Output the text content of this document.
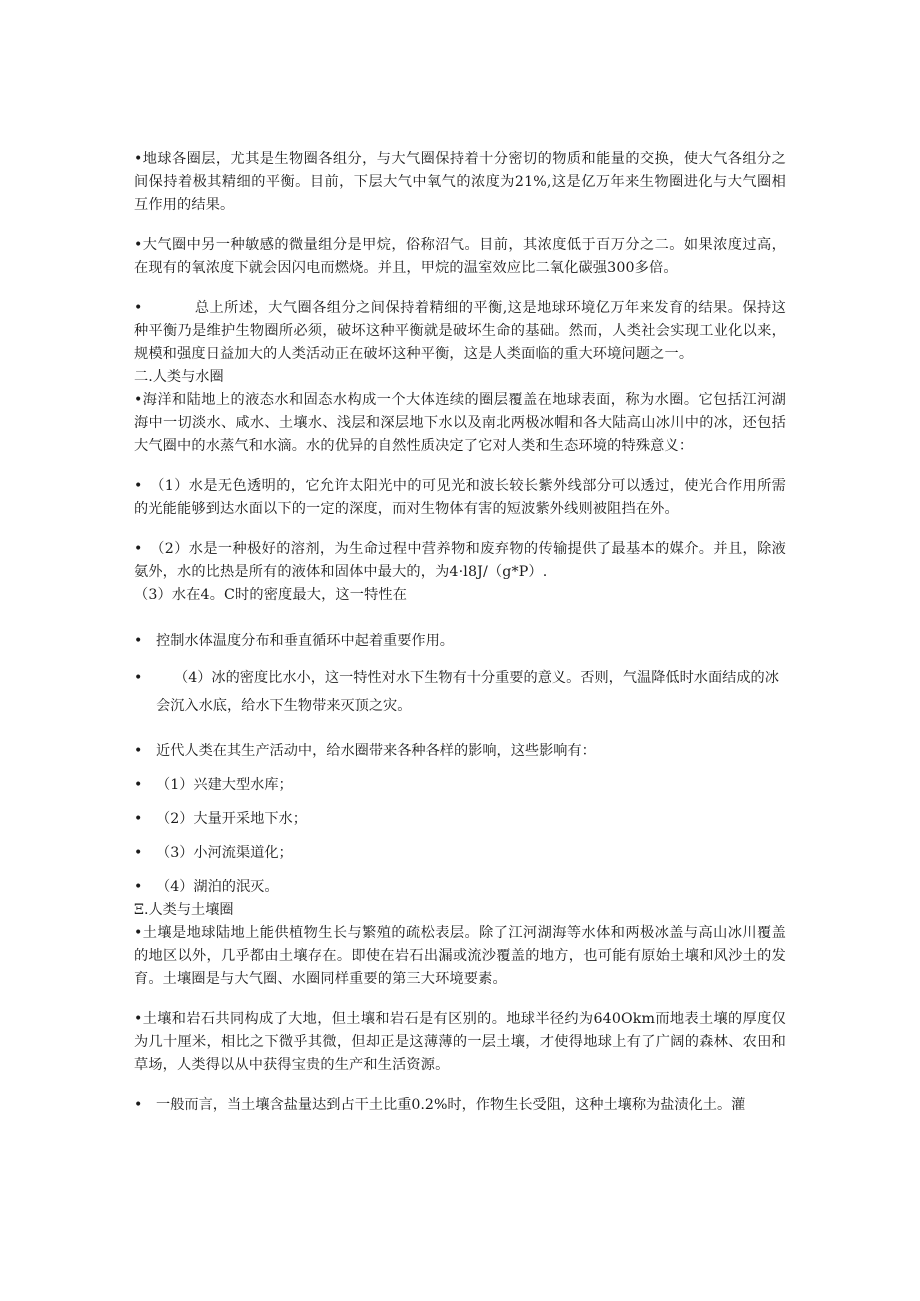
•地球各圈层，尤其是生物圈各组分，与大气圈保持着十分密切的物质和能量的交换，使大气各组分之间保持着极其精细的平衡。目前，下层大气中氧气的浓度为21%,这是亿万年来生物圈进化与大气圈相互作用的结果。

•大气圈中另一种敏感的微量组分是甲烷，俗称沼气。目前，其浓度低于百万分之二。如果浓度过高，在现有的氧浓度下就会因闪电而燃烧。并且，甲烷的温室效应比二氧化碳强300多倍。

•	总上所述，大气圈各组分之间保持着精细的平衡,这是地球环境亿万年来发育的结果。保持这种平衡乃是维护生物圈所必须，破坏这种平衡就是破坏生命的基础。然而，人类社会实现工业化以来，规模和强度日益加大的人类活动正在破坏这种平衡，这是人类面临的重大环境问题之一。

二.人类与水圈

•海洋和陆地上的液态水和固态水构成一个大体连续的圈层覆盖在地球表面，称为水圈。它包括江河湖海中一切淡水、咸水、土壤水、浅层和深层地下水以及南北两极冰帽和各大陆高山冰川中的冰，还包括大气圈中的水蒸气和水滴。水的优异的自然性质决定了它对人类和生态环境的特殊意义：

•　（1）水是无色透明的，它允许太阳光中的可见光和波长较长紫外线部分可以透过，使光合作用所需的光能能够到达水面以下的一定的深度，而对生物体有害的短波紫外线则被阻挡在外。

•　（2）水是一种极好的溶剂，为生命过程中营养物和废弃物的传输提供了最基本的媒介。并且，除液氨外，水的比热是所有的液体和固体中最大的，为4·l8J/（g*P）.

（3）水在4。C时的密度最大，这一特性在

• 控制水体温度分布和垂直循环中起着重要作用。
•	（4）冰的密度比水小，这一特性对水下生物有十分重要的意义。否则，气温降低时水面结成的冰会沉入水底，给水下生物带来灭顶之灾。
• 近代人类在其生产活动中，给水圈带来各种各样的影响，这些影响有：
• （1）兴建大型水库；
• （2）大量开采地下水；
• （3）小河流渠道化；
• （4）湖泊的泯灭。

Ξ.人类与土壤圈

•土壤是地球陆地上能供植物生长与繁殖的疏松表层。除了江河湖海等水体和两极冰盖与高山冰川覆盖的地区以外，几乎都由土壤存在。即使在岩石出漏或流沙覆盖的地方，也可能有原始土壤和风沙土的发育。土壤圈是与大气圈、水圈同样重要的第三大环境要素。

•土壤和岩石共同构成了大地，但土壤和岩石是有区别的。地球半径约为640Okm而地表土壤的厚度仅为几十厘米，相比之下微乎其微，但却正是这薄薄的一层土壤，才使得地球上有了广阔的森林、农田和草场，人类得以从中获得宝贵的生产和生活资源。

• 一般而言，当土壤含盐量达到占干土比重0.2%时，作物生长受阻，这种土壤称为盐渍化土。灌
